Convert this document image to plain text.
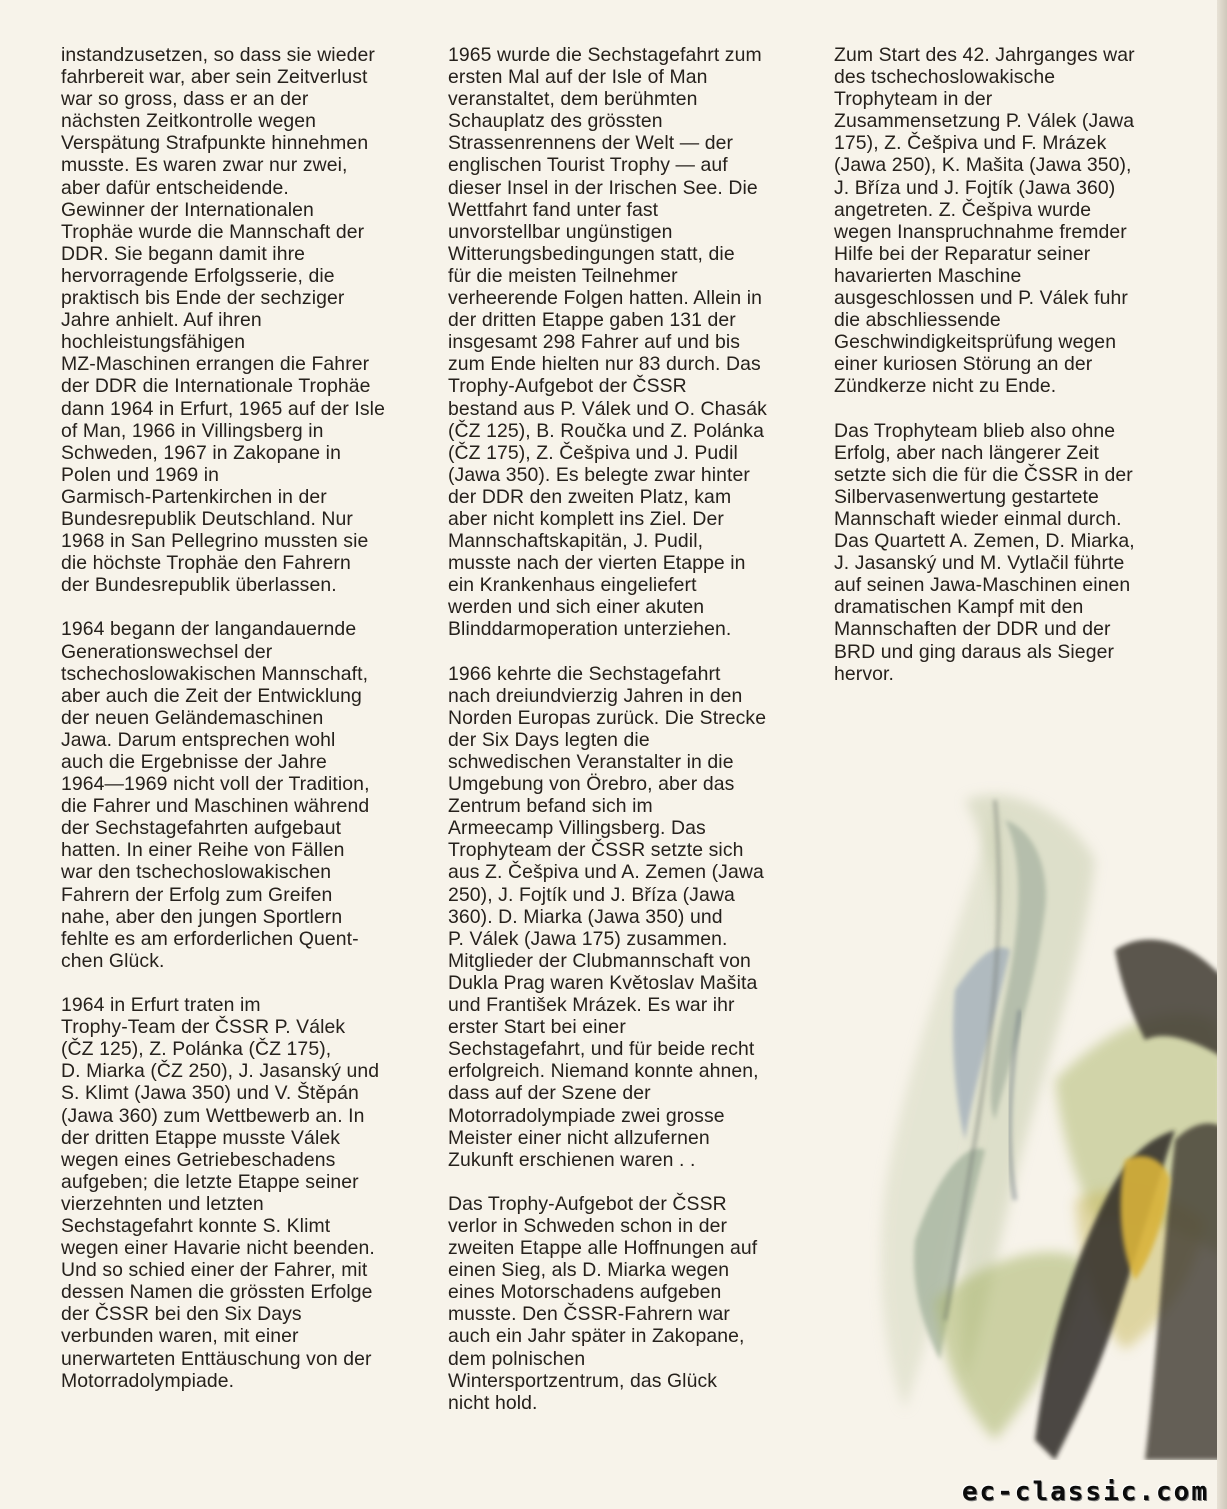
instandzusetzen, so dass sie wieder
fahrbereit war, aber sein Zeitverlust
war so gross, dass er an der
nächsten Zeitkontrolle wegen
Verspätung Strafpunkte hinnehmen
musste. Es waren zwar nur zwei,
aber dafür entscheidende.
Gewinner der Internationalen
Trophäe wurde die Mannschaft der
DDR. Sie begann damit ihre
hervorragende Erfolgsserie, die
praktisch bis Ende der sechziger
Jahre anhielt. Auf ihren
hochleistungsfähigen
MZ-Maschinen errangen die Fahrer
der DDR die Internationale Trophäe
dann 1964 in Erfurt, 1965 auf der Isle
of Man, 1966 in Villingsberg in
Schweden, 1967 in Zakopane in
Polen und 1969 in
Garmisch-Partenkirchen in der
Bundesrepublik Deutschland. Nur
1968 in San Pellegrino mussten sie
die höchste Trophäe den Fahrern
der Bundesrepublik überlassen.

1964 begann der langandauernde
Generationswechsel der
tschechoslowakischen Mannschaft,
aber auch die Zeit der Entwicklung
der neuen Geländemaschinen
Jawa. Darum entsprechen wohl
auch die Ergebnisse der Jahre
1964—1969 nicht voll der Tradition,
die Fahrer und Maschinen während
der Sechstagefahrten aufgebaut
hatten. In einer Reihe von Fällen
war den tschechoslowakischen
Fahrern der Erfolg zum Greifen
nahe, aber den jungen Sportlern
fehlte es am erforderlichen Quent-
chen Glück.

1964 in Erfurt traten im
Trophy-Team der ČSSR P. Válek
(ČZ 125), Z. Polánka (ČZ 175),
D. Miarka (ČZ 250), J. Jasanský und
S. Klimt (Jawa 350) und V. Štěpán
(Jawa 360) zum Wettbewerb an. In
der dritten Etappe musste Válek
wegen eines Getriebeschadens
aufgeben; die letzte Etappe seiner
vierzehnten und letzten
Sechstagefahrt konnte S. Klimt
wegen einer Havarie nicht beenden.
Und so schied einer der Fahrer, mit
dessen Namen die grössten Erfolge
der ČSSR bei den Six Days
verbunden waren, mit einer
unerwarteten Enttäuschung von der
Motorradolympiade.

1965 wurde die Sechstagefahrt zum
ersten Mal auf der Isle of Man
veranstaltet, dem berühmten
Schauplatz des grössten
Strassenrennens der Welt — der
englischen Tourist Trophy — auf
dieser Insel in der Irischen See. Die
Wettfahrt fand unter fast
unvorstellbar ungünstigen
Witterungsbedingungen statt, die
für die meisten Teilnehmer
verheerende Folgen hatten. Allein in
der dritten Etappe gaben 131 der
insgesamt 298 Fahrer auf und bis
zum Ende hielten nur 83 durch. Das
Trophy-Aufgebot der ČSSR
bestand aus P. Válek und O. Chasák
(ČZ 125), B. Roučka und Z. Polánka
(ČZ 175), Z. Češpiva und J. Pudil
(Jawa 350). Es belegte zwar hinter
der DDR den zweiten Platz, kam
aber nicht komplett ins Ziel. Der
Mannschaftskapitän, J. Pudil,
musste nach der vierten Etappe in
ein Krankenhaus eingeliefert
werden und sich einer akuten
Blinddarmoperation unterziehen.

1966 kehrte die Sechstagefahrt
nach dreiundvierzig Jahren in den
Norden Europas zurück. Die Strecke
der Six Days legten die
schwedischen Veranstalter in die
Umgebung von Örebro, aber das
Zentrum befand sich im
Armeecamp Villingsberg. Das
Trophyteam der ČSSR setzte sich
aus Z. Češpiva und A. Zemen (Jawa
250), J. Fojtík und J. Bříza (Jawa
360). D. Miarka (Jawa 350) und
P. Válek (Jawa 175) zusammen.
Mitglieder der Clubmannschaft von
Dukla Prag waren Květoslav Mašita
und František Mrázek. Es war ihr
erster Start bei einer
Sechstagefahrt, und für beide recht
erfolgreich. Niemand konnte ahnen,
dass auf der Szene der
Motorradolympiade zwei grosse
Meister einer nicht allzufernen
Zukunft erschienen waren . .

Das Trophy-Aufgebot der ČSSR
verlor in Schweden schon in der
zweiten Etappe alle Hoffnungen auf
einen Sieg, als D. Miarka wegen
eines Motorschadens aufgeben
musste. Den ČSSR-Fahrern war
auch ein Jahr später in Zakopane,
dem polnischen
Wintersportzentrum, das Glück
nicht hold.

Zum Start des 42. Jahrganges war
des tschechoslowakische
Trophyteam in der
Zusammensetzung P. Válek (Jawa
175), Z. Češpiva und F. Mrázek
(Jawa 250), K. Mašita (Jawa 350),
J. Bříza und J. Fojtík (Jawa 360)
angetreten. Z. Češpiva wurde
wegen Inanspruchnahme fremder
Hilfe bei der Reparatur seiner
havarierten Maschine
ausgeschlossen und P. Válek fuhr
die abschliessende
Geschwindigkeitsprüfung wegen
einer kuriosen Störung an der
Zündkerze nicht zu Ende.

Das Trophyteam blieb also ohne
Erfolg, aber nach längerer Zeit
setzte sich die für die ČSSR in der
Silbervasenwertung gestartete
Mannschaft wieder einmal durch.
Das Quartett A. Zemen, D. Miarka,
J. Jasanský und M. Vytlačil führte
auf seinen Jawa-Maschinen einen
dramatischen Kampf mit den
Mannschaften der DDR und der
BRD und ging daraus als Sieger
hervor.

ec-classic.com
